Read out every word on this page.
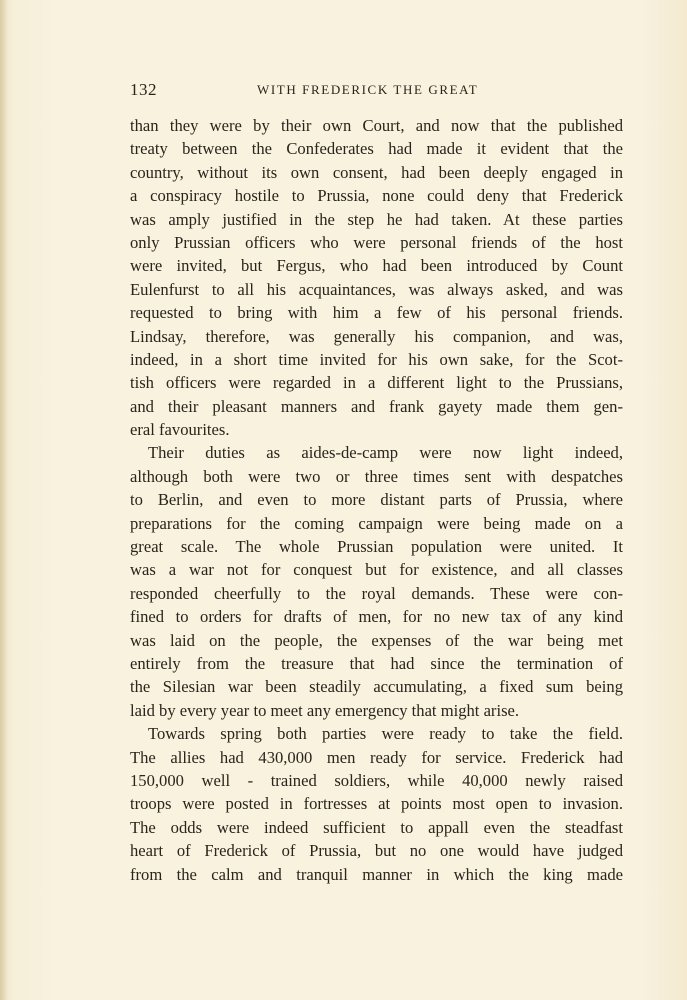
132	WITH FREDERICK THE GREAT
than they were by their own Court, and now that the published
treaty between the Confederates had made it evident that the
country, without its own consent, had been deeply engaged in
a conspiracy hostile to Prussia, none could deny that Frederick
was amply justified in the step he had taken. At these parties
only Prussian officers who were personal friends of the host
were invited, but Fergus, who had been introduced by Count
Eulenfurst to all his acquaintances, was always asked, and was
requested to bring with him a few of his personal friends.
Lindsay, therefore, was generally his companion, and was,
indeed, in a short time invited for his own sake, for the Scot-
tish officers were regarded in a different light to the Prussians,
and their pleasant manners and frank gayety made them gen-
eral favourites.
Their duties as aides-de-camp were now light indeed,
although both were two or three times sent with despatches
to Berlin, and even to more distant parts of Prussia, where
preparations for the coming campaign were being made on a
great scale. The whole Prussian population were united. It
was a war not for conquest but for existence, and all classes
responded cheerfully to the royal demands. These were con-
fined to orders for drafts of men, for no new tax of any kind
was laid on the people, the expenses of the war being met
entirely from the treasure that had since the termination of
the Silesian war been steadily accumulating, a fixed sum being
laid by every year to meet any emergency that might arise.
Towards spring both parties were ready to take the field.
The allies had 430,000 men ready for service. Frederick had
150,000 well - trained soldiers, while 40,000 newly raised
troops were posted in fortresses at points most open to invasion.
The odds were indeed sufficient to appall even the steadfast
heart of Frederick of Prussia, but no one would have judged
from the calm and tranquil manner in which the king made
